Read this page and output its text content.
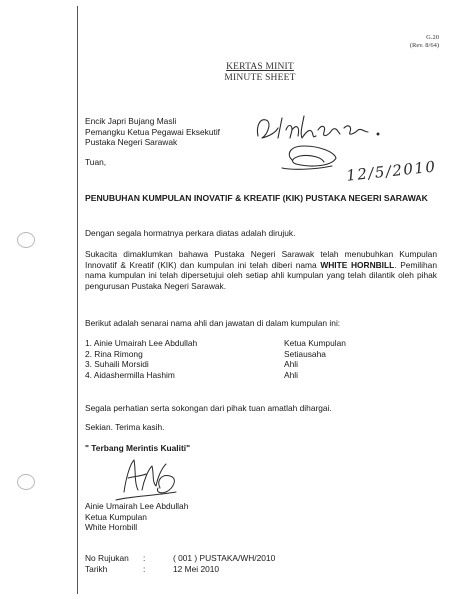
G.20
(Rev. 8/64)
KERTAS MINIT
MINUTE SHEET
Encik Japri Bujang Masli
Pemangku Ketua Pegawai Eksekutif
Pustaka Negeri Sarawak
12/5/2010
Tuan,
PENUBUHAN KUMPULAN INOVATIF & KREATIF (KIK) PUSTAKA NEGERI SARAWAK
Dengan segala hormatnya perkara diatas adalah dirujuk.
Sukacita dimaklumkan bahawa Pustaka Negeri Sarawak telah menubuhkan Kumpulan Innovatif & Kreatif (KIK) dan kumpulan ini telah diberi nama WHITE HORNBILL. Pemilihan nama kumpulan ini telah dipersetujui oleh setiap ahli kumpulan yang telah dilantik oleh pihak pengurusan Pustaka Negeri Sarawak.
Berikut adalah senarai nama ahli dan jawatan di dalam kumpulan ini:
1. Ainie Umairah Lee Abdullah	Ketua Kumpulan
2. Rina Rimong	Setiausaha
3. Suhaili Morsidi	Ahli
4. Aidashermilla Hashim	Ahli
Segala perhatian serta sokongan dari pihak tuan amatlah dihargai.
Sekian. Terima kasih.
" Terbang Merintis Kualiti"
Ainie Umairah Lee Abdullah
Ketua Kumpulan
White Hornbill
No Rujukan :	( 001 ) PUSTAKA/WH/2010
Tarikh	:	12 Mei 2010
